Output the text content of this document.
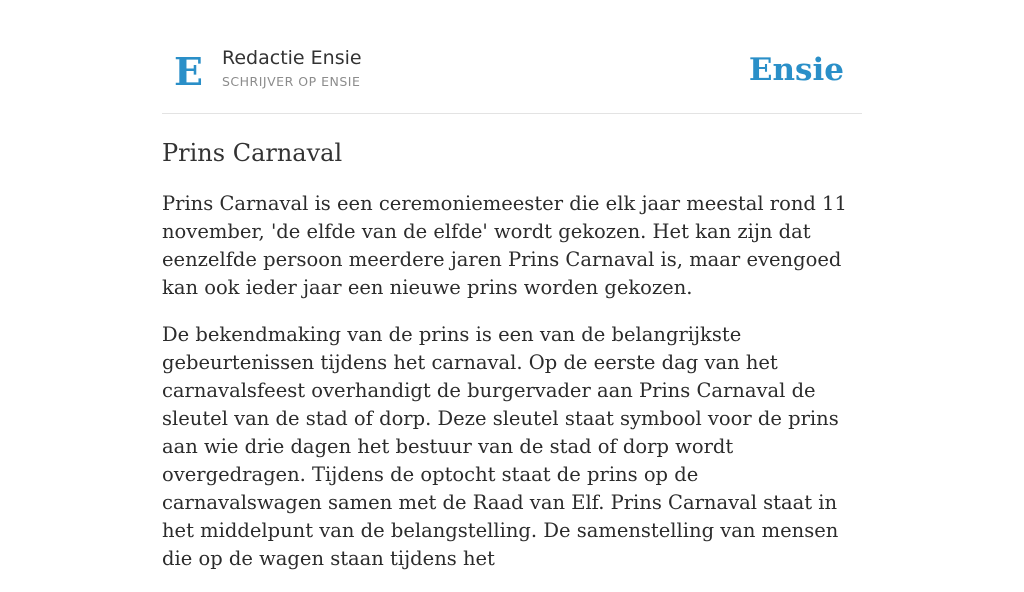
E Redactie Ensie
SCHRIJVER OP ENSIE	Ensie
Prins Carnaval

Prins Carnaval is een ceremoniemeester die elk jaar meestal rond 11 november, 'de elfde van de elfde' wordt gekozen. Het kan zijn dat eenzelfde persoon meerdere jaren Prins Carnaval is, maar evengoed kan ook ieder jaar een nieuwe prins worden gekozen.

De bekendmaking van de prins is een van de belangrijkste gebeurtenissen tijdens het carnaval. Op de eerste dag van het carnavalsfeest overhandigt de burgervader aan Prins Carnaval de sleutel van de stad of dorp. Deze sleutel staat symbool voor de prins aan wie drie dagen het bestuur van de stad of dorp wordt overgedragen. Tijdens de optocht staat de prins op de carnavalswagen samen met de Raad van Elf. Prins Carnaval staat in het middelpunt van de belangstelling. De samenstelling van mensen die op de wagen staan tijdens het
